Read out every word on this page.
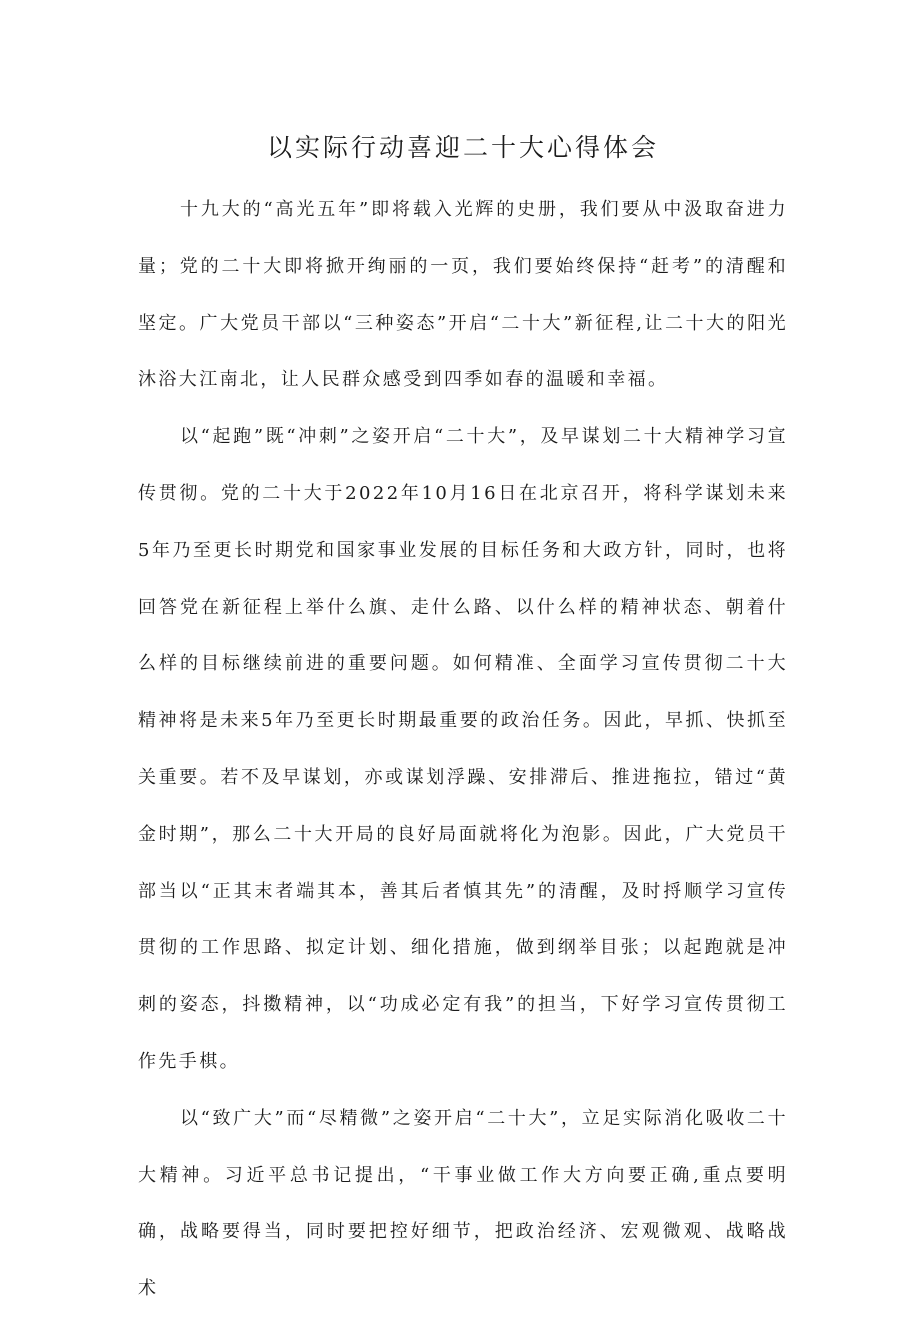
以实际行动喜迎二十大心得体会

十九大的“高光五年”即将载入光辉的史册，我们要从中汲取奋进力量；党的二十大即将掀开绚丽的一页，我们要始终保持“赶考”的清醒和坚定。广大党员干部以“三种姿态”开启“二十大”新征程,让二十大的阳光沐浴大江南北，让人民群众感受到四季如春的温暖和幸福。

以“起跑”既“冲刺”之姿开启“二十大”，及早谋划二十大精神学习宣传贯彻。党的二十大于2022年10月16日在北京召开，将科学谋划未来5年乃至更长时期党和国家事业发展的目标任务和大政方针，同时，也将回答党在新征程上举什么旗、走什么路、以什么样的精神状态、朝着什么样的目标继续前进的重要问题。如何精准、全面学习宣传贯彻二十大精神将是未来5年乃至更长时期最重要的政治任务。因此，早抓、快抓至关重要。若不及早谋划，亦或谋划浮躁、安排滞后、推进拖拉，错过“黄金时期”，那么二十大开局的良好局面就将化为泡影。因此，广大党员干部当以“正其末者端其本，善其后者慎其先”的清醒，及时捋顺学习宣传贯彻的工作思路、拟定计划、细化措施，做到纲举目张；以起跑就是冲刺的姿态，抖擞精神，以“功成必定有我”的担当，下好学习宣传贯彻工作先手棋。

以“致广大”而“尽精微”之姿开启“二十大”，立足实际消化吸收二十大精神。习近平总书记提出，“干事业做工作大方向要正确,重点要明确，战略要得当，同时要把控好细节，把政治经济、宏观微观、战略战术
